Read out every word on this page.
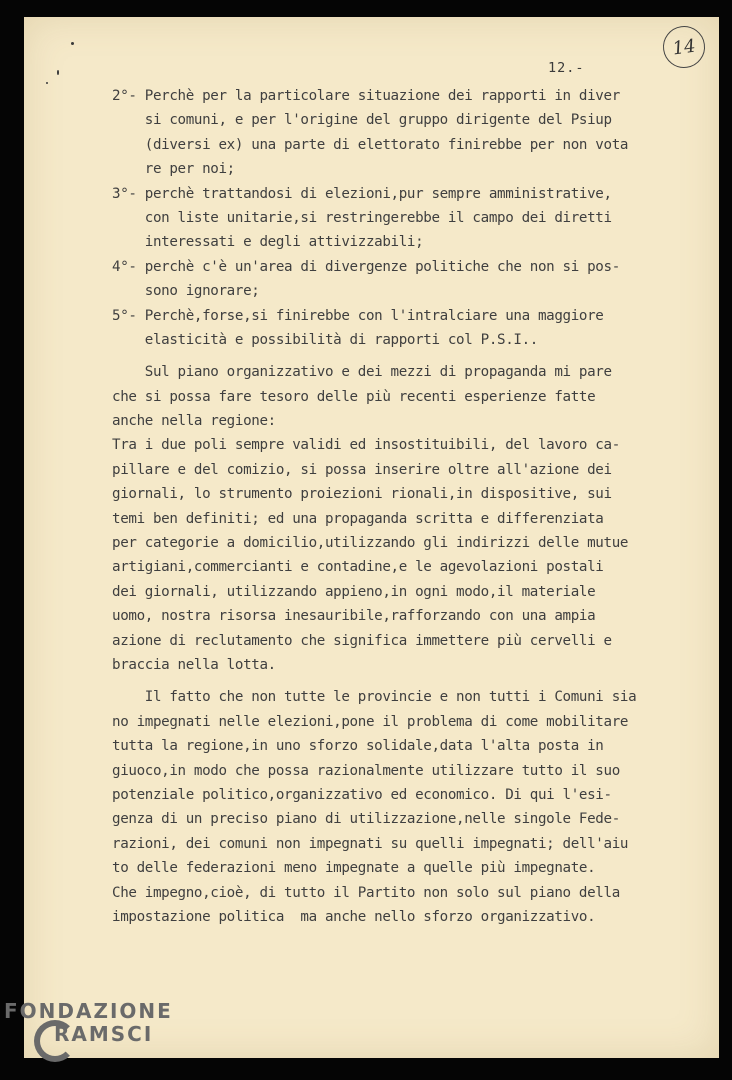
14
12.-
2°- Perchè per la particolare situazione dei rapporti in diver
si comuni, e per l'origine del gruppo dirigente del Psiup
(diversi ex) una parte di elettorato finirebbe per non vota
re per noi;
3°- perchè trattandosi di elezioni,pur sempre amministrative,
con liste unitarie,si restringerebbe il campo dei diretti
interessati e degli attivizzabili;
4°- perchè c'è un'area di divergenze politiche che non si pos-
sono ignorare;
5°- Perchè,forse,si finirebbe con l'intralciare una maggiore
elasticità e possibilità di rapporti col P.S.I..
Sul piano organizzativo e dei mezzi di propaganda mi pare
che si possa fare tesoro delle più recenti esperienze fatte
anche nella regione:
Tra i due poli sempre validi ed insostituibili, del lavoro ca-
pillare e del comizio, si possa inserire oltre all'azione dei
giornali, lo strumento proiezioni rionali,in dispositive, sui
temi ben definiti; ed una propaganda scritta e differenziata
per categorie a domicilio,utilizzando gli indirizzi delle mutue
artigiani,commercianti e contadine,e le agevolazioni postali
dei giornali, utilizzando appieno,in ogni modo,il materiale
uomo, nostra risorsa inesauribile,rafforzando con una ampia
azione di reclutamento che significa immettere più cervelli e
braccia nella lotta.
Il fatto che non tutte le provincie e non tutti i Comuni sia
no impegnati nelle elezioni,pone il problema di come mobilitare
tutta la regione,in uno sforzo solidale,data l'alta posta in
giuoco,in modo che possa razionalmente utilizzare tutto il suo
potenziale politico,organizzativo ed economico. Di qui l'esi-
genza di un preciso piano di utilizzazione,nelle singole Fede-
razioni, dei comuni non impegnati su quelli impegnati; dell'aiu
to delle federazioni meno impegnate a quelle più impegnate.
Che impegno,cioè, di tutto il Partito non solo sul piano della
impostazione politica  ma anche nello sforzo organizzativo.
FONDAZIONE
RAMSCI
